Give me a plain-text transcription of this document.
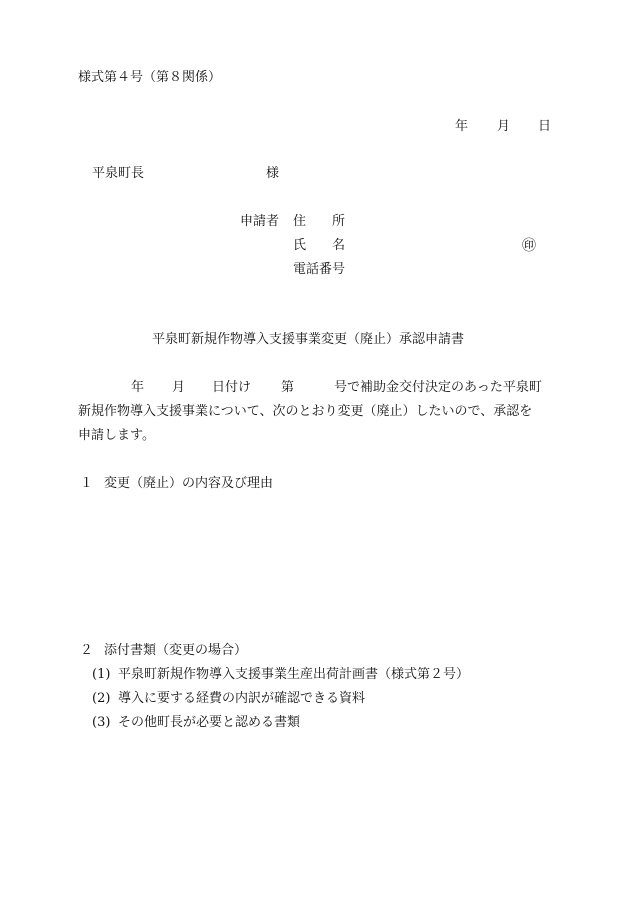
様式第４号（第８関係）
年 月 日
平泉町長	様
申請者 住　　所
氏　　名	㊞
電話番号
平泉町新規作物導入支援事業変更（廃止）承認申請書
年 月 日付け 第	号で補助金交付決定のあった平泉町
新規作物導入支援事業について、次のとおり変更（廃止）したいので、承認を
申請します。
１ 変更（廃止）の内容及び理由
２ 添付書類（変更の場合）
(1) 平泉町新規作物導入支援事業生産出荷計画書（様式第２号）
(2) 導入に要する経費の内訳が確認できる資料
(3) その他町長が必要と認める書類
